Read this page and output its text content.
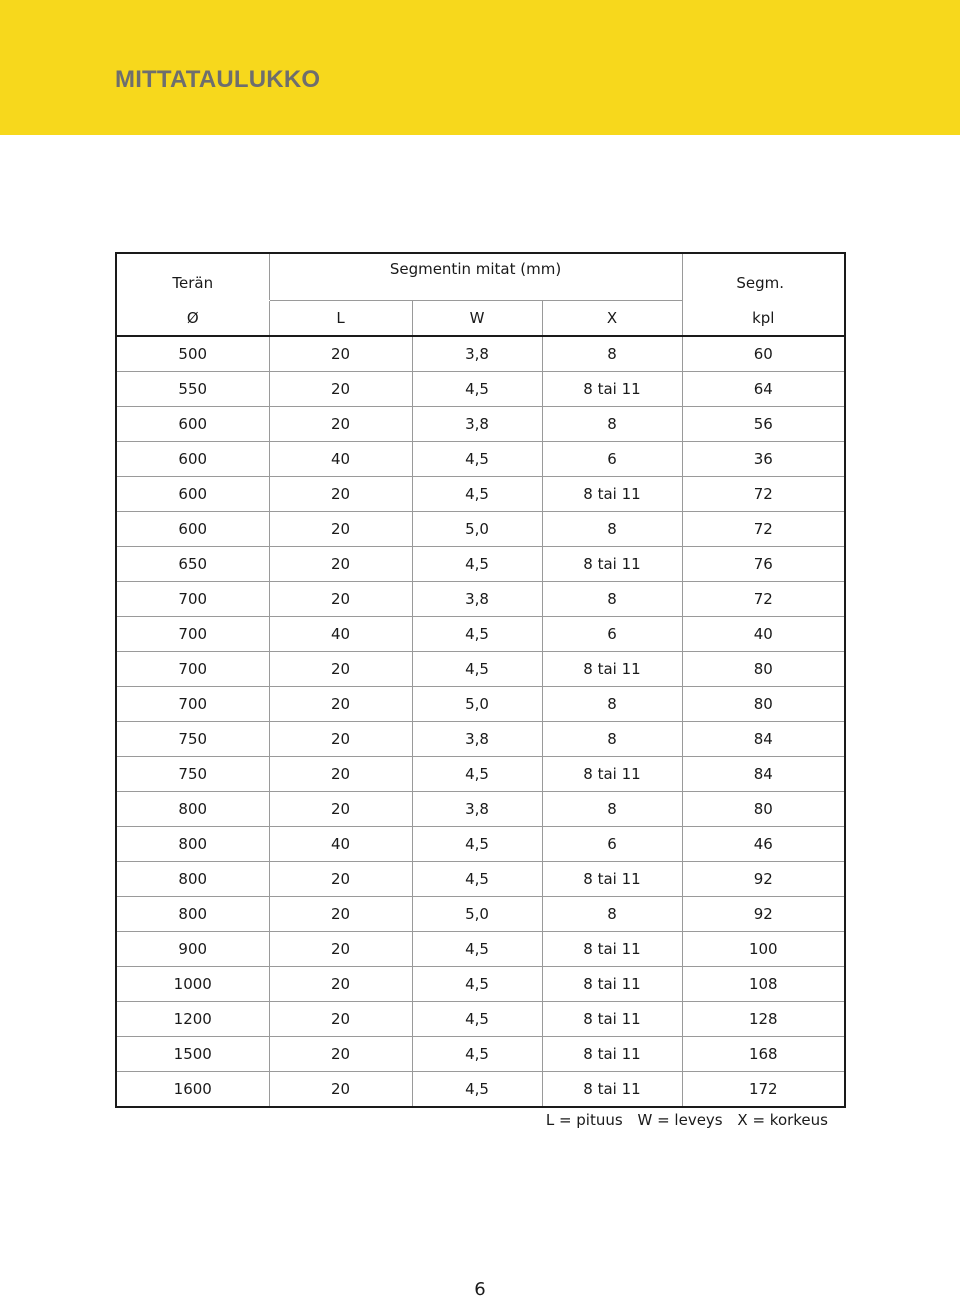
MITTATAULUKKO
Terän	Segmentin mitat (mm)			Segm.
Ø	L	W	X	kpl
500	20	3,8	8	60
550	20	4,5	8 tai 11	64
600	20	3,8	8	56
600	40	4,5	6	36
600	20	4,5	8 tai 11	72
600	20	5,0	8	72
650	20	4,5	8 tai 11	76
700	20	3,8	8	72
700	40	4,5	6	40
700	20	4,5	8 tai 11	80
700	20	5,0	8	80
750	20	3,8	8	84
750	20	4,5	8 tai 11	84
800	20	3,8	8	80
800	40	4,5	6	46
800	20	4,5	8 tai 11	92
800	20	5,0	8	92
900	20	4,5	8 tai 11	100
1000	20	4,5	8 tai 11	108
1200	20	4,5	8 tai 11	128
1500	20	4,5	8 tai 11	168
1600	20	4,5	8 tai 11	172
L = pituus W = leveys X = korkeus
6
